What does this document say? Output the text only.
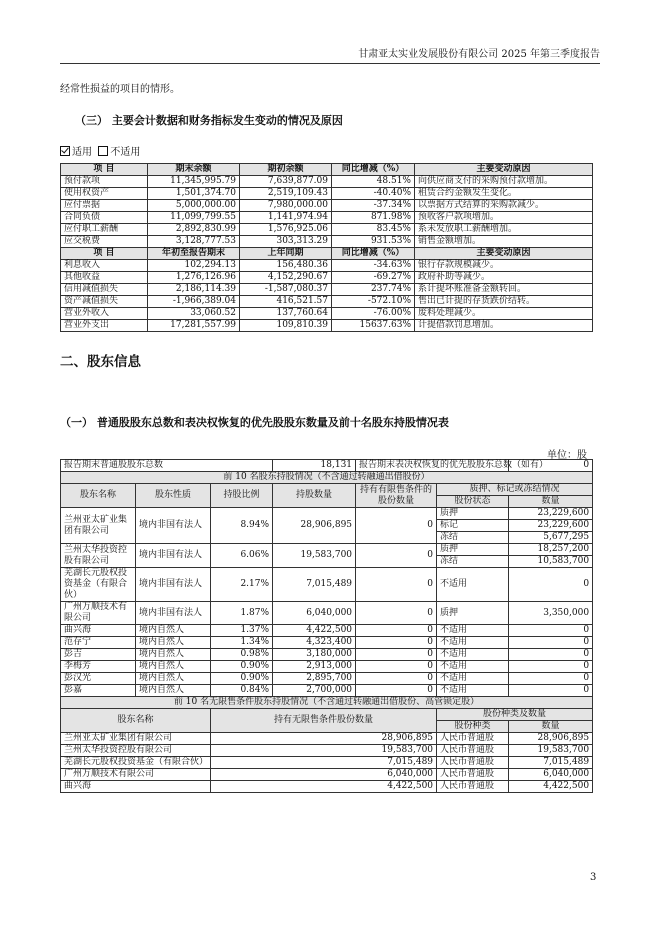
甘肃亚太实业发展股份有限公司 2025 年第三季度报告
经常性损益的项目的情形。
（三） 主要会计数据和财务指标发生变动的情况及原因
适用 不适用
项 目	期末余额	期初余额	同比增减（%）	主要变动原因
预付款项	11,345,995.79	7,639,877.09	48.51%	向供应商支付的采购预付款增加。
使用权资产	1,501,374.70	2,519,109.43	-40.40%	租赁合约金额发生变化。
应付票据	5,000,000.00	7,980,000.00	-37.34%	以票据方式结算的采购款减少。
合同负债	11,099,799.55	1,141,974.94	871.98%	预收客户款项增加。
应付职工薪酬	2,892,830.99	1,576,925.06	83.45%	系未发放职工薪酬增加。
应交税费	3,128,777.53	303,313.29	931.53%	销售金额增加。
项 目	年初至报告期末	上年同期	同比增减（%）	主要变动原因
利息收入	102,294.13	156,480.36	-34.63%	银行存款规模减少。
其他收益	1,276,126.96	4,152,290.67	-69.27%	政府补助等减少。
信用减值损失	2,186,114.39	-1,587,080.37	237.74%	系计提坏账准备金额转回。
资产减值损失	-1,966,389.04	416,521.57	-572.10%	售出已计提的存货跌价结转。
营业外收入	33,060.52	137,760.64	-76.00%	废料处理减少。
营业外支出	17,281,557.99	109,810.39	15637.63%	计提借款罚息增加。
二、股东信息
（一） 普通股股东总数和表决权恢复的优先股股东数量及前十名股东持股情况表
单位：股
报告期末普通股股东总数			18,131	报告期末表决权恢复的优先股股东总数（如有）		0
前 10 名股东持股情况（不含通过转融通出借股份）						
股东名称	股东性质	持股比例	持股数量	持有有限售条件的股份数量	质押、标记或冻结情况	
					股份状态	数量
兰州亚太矿业集团有限公司	境内非国有法人	8.94%	28,906,895	0	质押	23,229,600
					标记	23,229,600
					冻结	5,677,295
兰州太华投资控股有限公司	境内非国有法人	6.06%	19,583,700	0	质押	18,257,200
					冻结	10,583,700
芜湖长元股权投资基金（有限合伙）	境内非国有法人	2.17%	7,015,489	0	不适用	0
广州万顺技术有限公司	境内非国有法人	1.87%	6,040,000	0	质押	3,350,000
曲兴海	境内自然人	1.37%	4,422,500	0	不适用	0
范存宁	境内自然人	1.34%	4,323,400	0	不适用	0
彭吉	境内自然人	0.98%	3,180,000	0	不适用	0
李梅芳	境内自然人	0.90%	2,913,000	0	不适用	0
彭汉光	境内自然人	0.90%	2,895,700	0	不适用	0
彭嘉	境内自然人	0.84%	2,700,000	0	不适用	0
前 10 名无限售条件股东持股情况（不含通过转融通出借股份、高管锁定股）						
股东名称		持有无限售条件股份数量			股份种类及数量	
					股份种类	数量
兰州亚太矿业集团有限公司		28,906,895			人民币普通股	28,906,895
兰州太华投资控股有限公司		19,583,700			人民币普通股	19,583,700
芜湖长元股权投资基金（有限合伙）		7,015,489			人民币普通股	7,015,489
广州万顺技术有限公司		6,040,000			人民币普通股	6,040,000
曲兴海		4,422,500			人民币普通股	4,422,500
3
